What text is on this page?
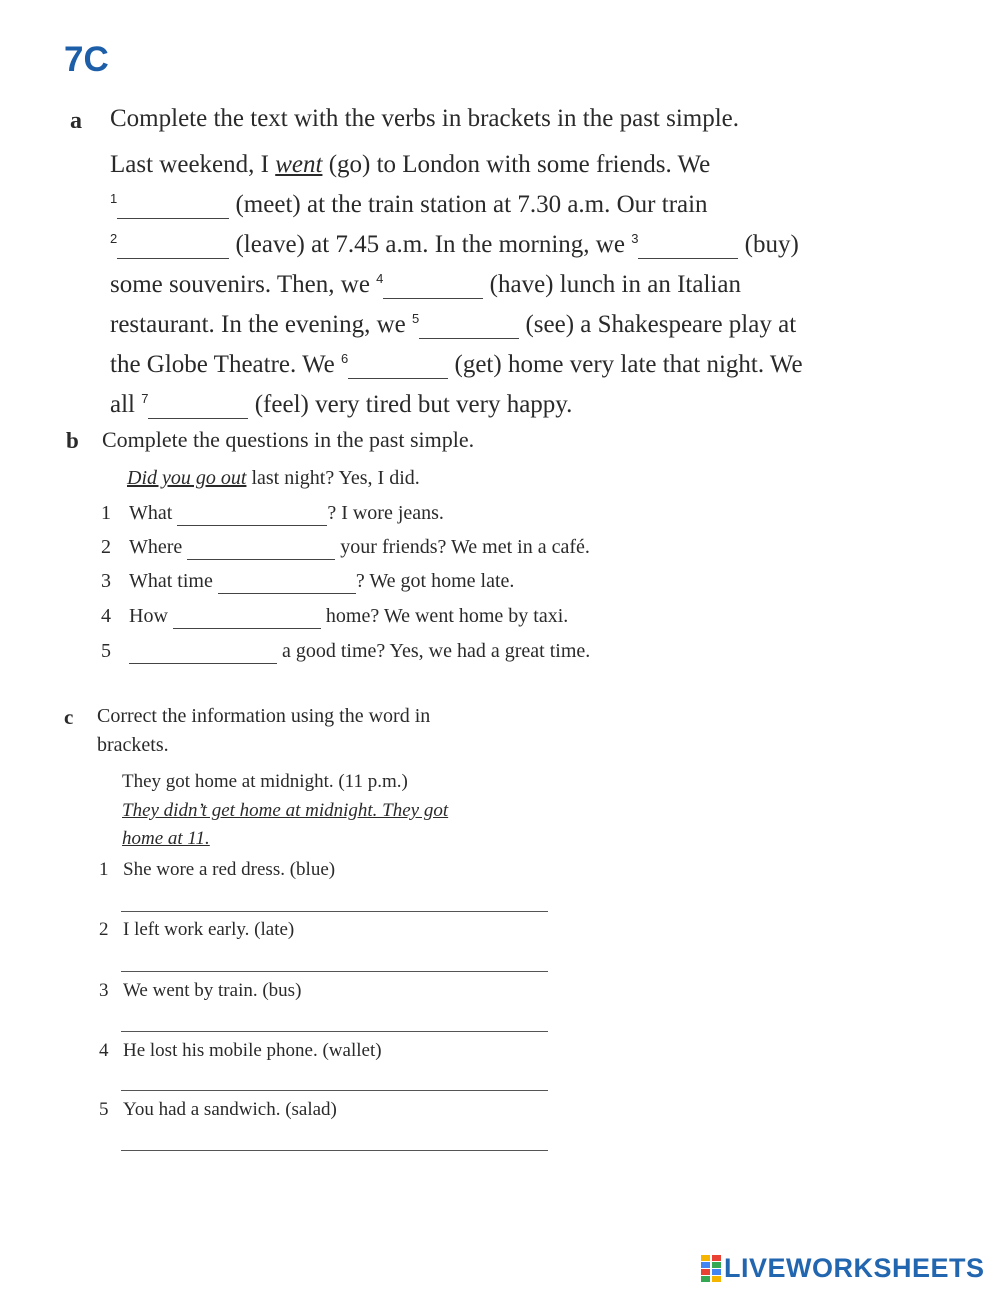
7C
a Complete the text with the verbs in brackets in the past simple.
Last weekend, I went (go) to London with some friends. We
$^1$	(meet) at the train station at 7.30 a.m. Our train
$^2$	(leave) at 7.45 a.m. In the morning, we $^3$	(buy)
some souvenirs. Then, we $^4$	(have) lunch in an Italian
restaurant. In the evening, we $^5$	(see) a Shakespeare play at
the Globe Theatre. We $^6$	(get) home very late that night. We
all $^7$	(feel) very tired but very happy.
b Complete the questions in the past simple.
Did you go out last night? Yes, I did.
1 What	? I wore jeans.
2 Where	your friends? We met in a café.
3 What time	? We got home late.
4 How	home? We went home by taxi.
5	a good time? Yes, we had a great time.
c Correct the information using the word in
brackets.
They got home at midnight. (11 p.m.)
They didn’t get home at midnight. They got
home at 11.
1 She wore a red dress. (blue)
2 I left work early. (late)
3 We went by train. (bus)
4 He lost his mobile phone. (wallet)
5 You had a sandwich. (salad)
LIVEWORKSHEETS
